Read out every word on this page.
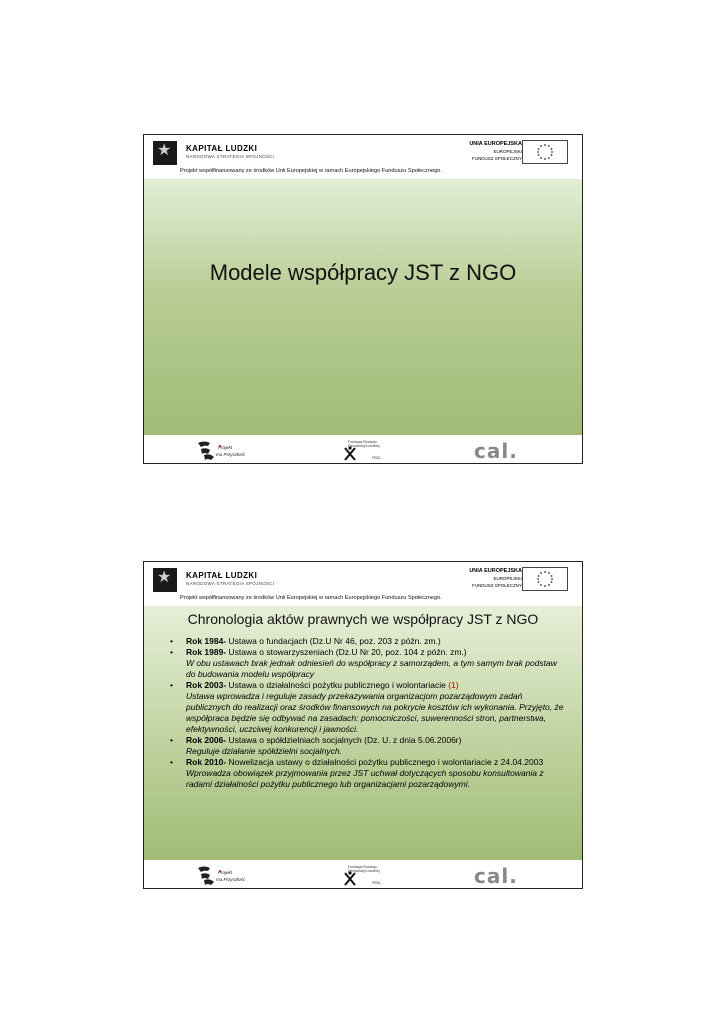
★ KAPITAŁ LUDZKI
NARODOWA STRATEGIA SPÓJNOŚCI
UNIA EUROPEJSKA
EUROPEJSKI
FUNDUSZ SPOŁECZNY
Projekt współfinansowany ze środków Unii Europejskiej w ramach Europejskiego Funduszu Społecznego.
Modele współpracy JST z NGO
Projekt
ma Przyszłość
Fundacja Rozwoju Demokracji Lokalnej
FRDL	cal.
★ KAPITAŁ LUDZKI
NARODOWA STRATEGIA SPÓJNOŚCI
UNIA EUROPEJSKA
EUROPEJSKI
FUNDUSZ SPOŁECZNY
Projekt współfinansowany ze środków Unii Europejskiej w ramach Europejskiego Funduszu Społecznego.
Chronologia aktów prawnych we współpracy JST z NGO
• Rok 1984- Ustawa o fundacjach (Dz.U Nr 46, poz. 203 z późn. zm.)
• Rok 1989- Ustawa o stowarzyszeniach (Dz.U Nr 20, poz. 104 z późn. zm.)
W obu ustawach brak jednak odniesień do współpracy z samorządem, a tym samym brak podstaw do budowania modelu współpracy
• Rok 2003- Ustawa o działalności pożytku publicznego i wolontariacie (1)
Ustawa wprowadza i reguluje zasady przekazywania organizacjom pozarządowym zadań publicznych do realizacji oraz środków finansowych na pokrycie kosztów ich wykonania. Przyjęto, że współpraca będzie się odbywać na zasadach: pomocniczości, suwerenności stron, partnerstwa, efektywności, uczciwej konkurencji i jawności.
• Rok 2006- Ustawa o spółdzielniach socjalnych (Dz. U. z dnia 5.06.2006r)
Reguluje działanie spółdzielni socjalnych.
• Rok 2010- Nowelizacja ustawy o działalności pożytku publicznego i wolontariacie z 24.04.2003
Wprowadza obowiązek przyjmowania przez JST uchwał dotyczących sposobu konsultowania z radami działalności pożytku publicznego lub organizacjami pozarządowymi.
Projekt
ma Przyszłość
Fundacja Rozwoju Demokracji Lokalnej
FRDL	cal.
